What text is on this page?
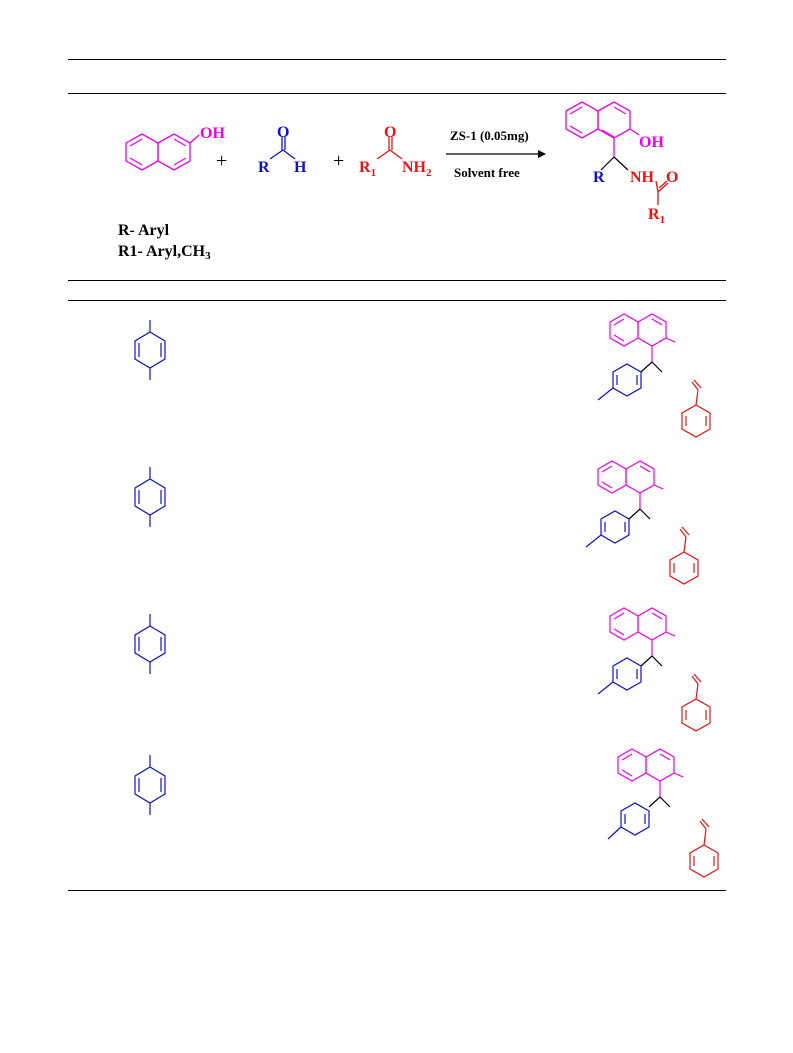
OH
+
O
R H +
O
$R_1$ $NH_2$
ZS-1 (0.05mg)
Solvent free
OH
R NH O
$R_1$
R- Aryl
R1- Aryl,CH3
